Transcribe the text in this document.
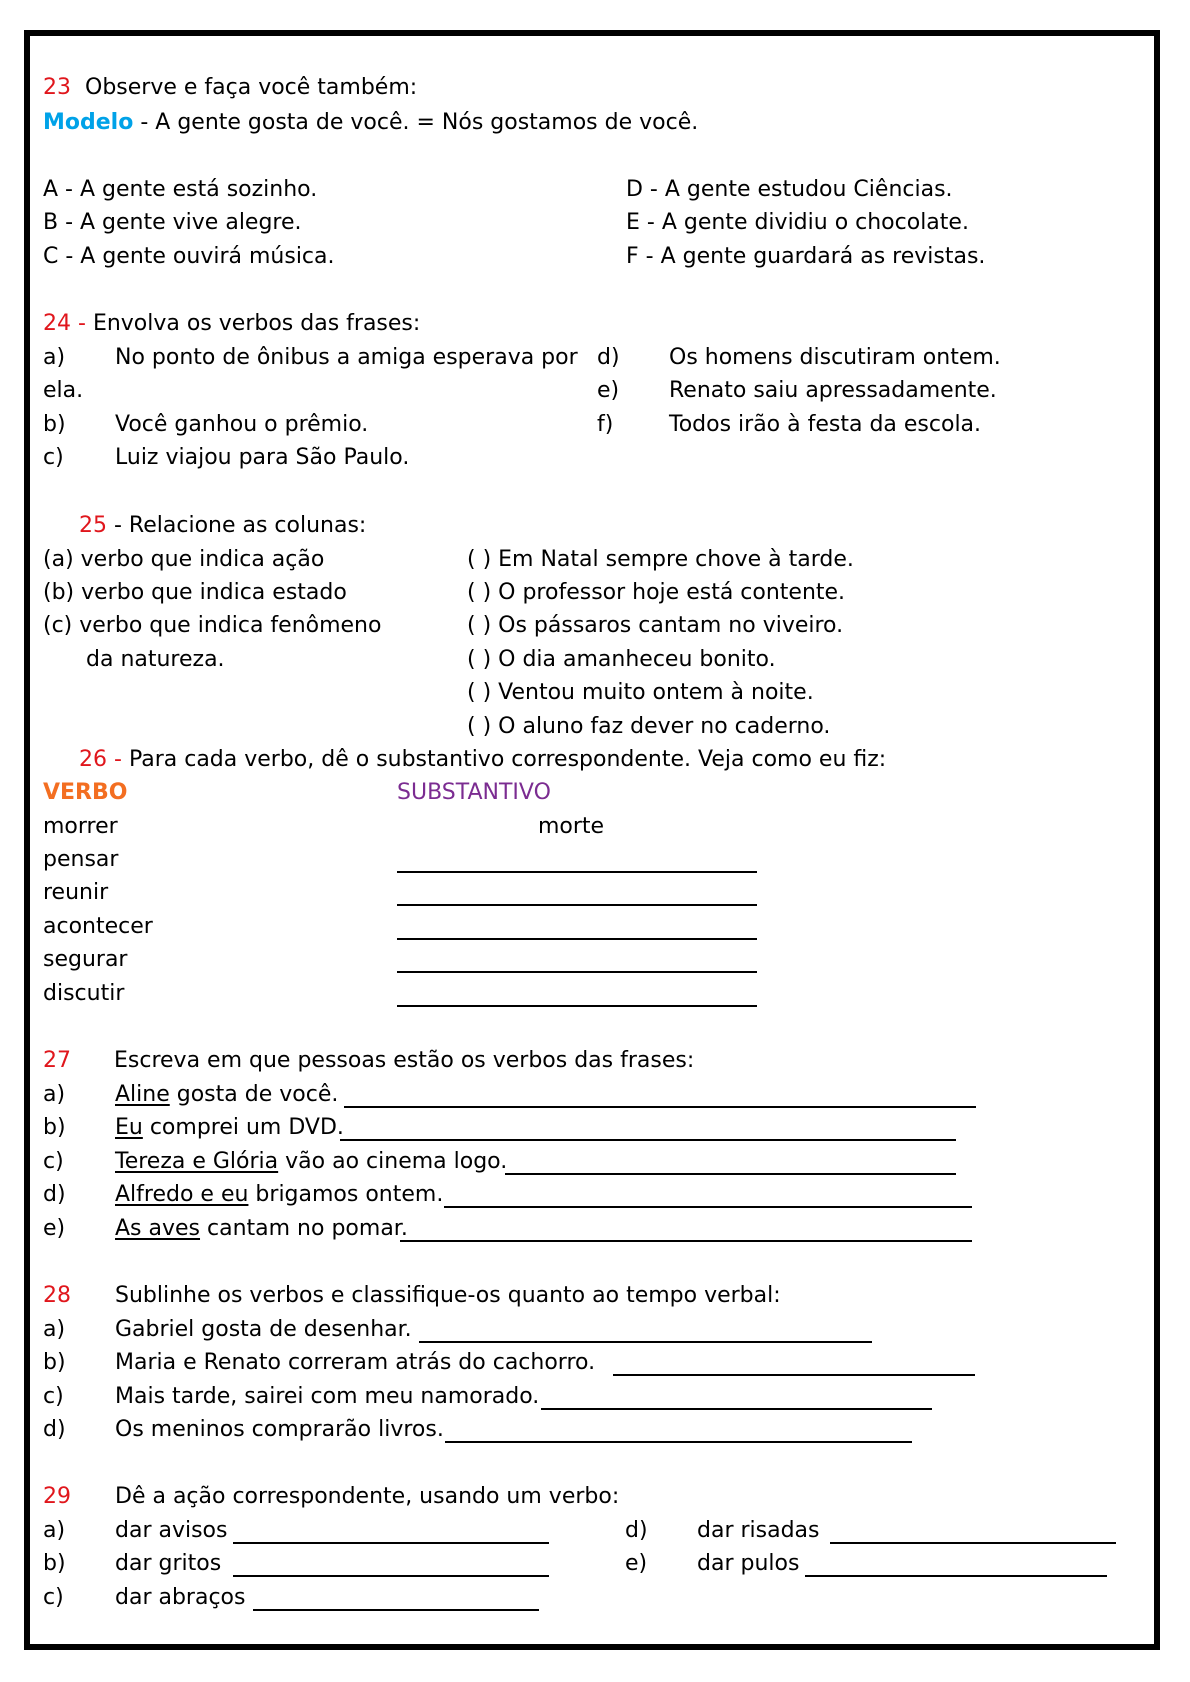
23 Observe e faça você também:
Modelo - A gente gosta de você. = Nós gostamos de você.
A - A gente está sozinho.
B - A gente vive alegre.
C - A gente ouvirá música.
D - A gente estudou Ciências.
E - A gente dividiu o chocolate.
F - A gente guardará as revistas.
24 - Envolva os verbos das frases:
a) No ponto de ônibus a amiga esperava por
ela.
b) Você ganhou o prêmio.
c) Luiz viajou para São Paulo.
d) Os homens discutiram ontem.
e) Renato saiu apressadamente.
f)	Todos irão à festa da escola.
25 - Relacione as colunas:
(a) verbo que indica ação
(b) verbo que indica estado
(c) verbo que indica fenômeno
da natureza.
( ) Em Natal sempre chove à tarde.
( ) O professor hoje está contente.
( ) Os pássaros cantam no viveiro.
( ) O dia amanheceu bonito.
( ) Ventou muito ontem à noite.
( ) O aluno faz dever no caderno.
26 - Para cada verbo, dê o substantivo correspondente. Veja como eu fiz:
VERBO	SUBSTANTIVO
morrer	morte
pensar
reunir
acontecer
segurar
discutir
27 Escreva em que pessoas estão os verbos das frases:
a) Aline gosta de você.
b) Eu comprei um DVD.
c) Tereza e Glória vão ao cinema logo.
d) Alfredo e eu brigamos ontem.
e) As aves cantam no pomar.
28 Sublinhe os verbos e classifique-os quanto ao tempo verbal:
a) Gabriel gosta de desenhar.
b) Maria e Renato correram atrás do cachorro.
c) Mais tarde, sairei com meu namorado.
d) Os meninos comprarão livros.
29 Dê a ação correspondente, usando um verbo:
a) dar avisos
b) dar gritos
c) dar abraços
d) dar risadas
e) dar pulos
